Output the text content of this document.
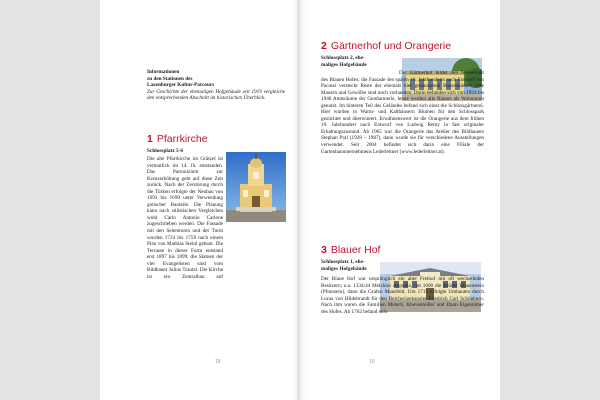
Informationen
zu den Stationen des
Laxenburger Kultur-Parcours
Zur Geschichte der ehemaligen Hofgebäude seit 1919 vergleiche den entsprechenden Abschnitt im historischen Überblick.
1 Pfarrkirche
Schlossplatz 5-6

Die alte Pfarrkirche im Grätzel ist vermutlich im 14. Jh. entstanden. Das Patronizium zur Kreuzerhöhung geht auf diese Zeit zurück. Nach der Zerstörung durch die Türken erfolgte der Neubau von 1693 bis 1699 unter Verwendung gotischer Bauteile. Die Planung kann nach stilistischen Vergleichen wohl Carlo Antonio Carlone zugeschrieben werden. Die Fassade mit den Seitentoren und der Turm wurden 1724 bis 1759 nach einem Plan von Mathias Steinl gebaut. Die Terrasse in dieser Form entstand erst 1897 bis 1899; die Statuen der vier Evangelisten sind vom Bildhauer Julius Trautzl. Die Kirche ist ein Zentralbau auf

18
2 Gärtnerhof und Orangerie
Schlossplatz 2, ehe-
maliges Hofgebäude

Der Gärtnerhof bildet den Nebentrakt des Blauen Hofes; die Fassade des späten 18. Jahrhunderts nach Entwurf von Pacassi versteckt Reste der ehemals hier gestandenen Bauernhäuser. Alte Mauern und Gewölbe sind noch vorhanden. Darin befanden sich von 1924 bis 1940 Amtsräume der Gendarmerie, heute werden alle Räume als Wohnraum genutzt. Im hinteren Teil des Geländes befand sich einst die Schlossgärtnerei. Hier wurden in Warm- und Kalthäusern Blumen für den Schlosspark gezüchtet und überwintert. Erwähnenswert ist die Orangerie aus dem frühen 19. Jahrhundert nach Entwurf von Ludwig Remy in fast originaler Erhaltungszustand. Ab 1965 war die Orangerie das Atelier des Bildhauers Stephan Pral (1928 – 1987), dann wurde sie für verschiedene Ausstellungen verwendet. Seit 2004 befindet sich darin eine Filiale der Gartenbauunternehmens Lederleitner (www.lederleitner.at).

3 Blauer Hof
Schlossplatz 1, ehe-
maliges Hofgebäude

Der Blaue Hof war ursprünglich ein alter Freihof mit oft wechselnden Besitzern; u.a. 1334/44 Melchior Arguello, um 1600 die Brüder Blauenstein (Pfonstein), dann die Grafen Mansfeld. Um 1713 erfolgte Umbauten durch Lucas von Hildebrandt für den Reichsvizekanzler Friedrich Carl Schönborn. Nach ihm waren die Familien Metsch, Khevenhüller und Daun Eigentümer des Hofes. Ab 1762 befand sich

19
